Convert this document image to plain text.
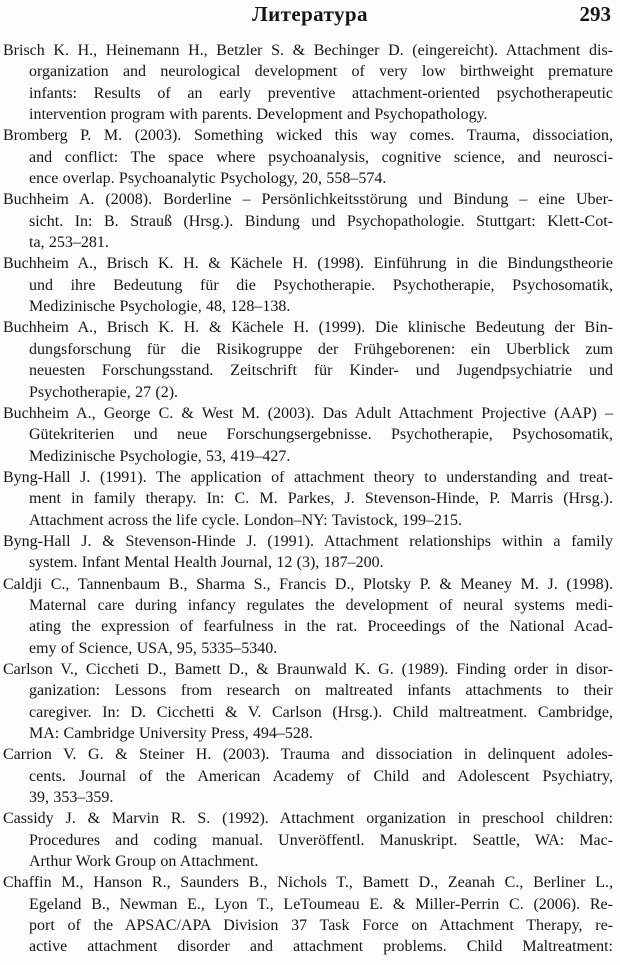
Литература	293
Brisch K. H., Heinemann H., Betzler S. & Bechinger D. (eingereicht). Attachment dis-
organization and neurological development of very low birthweight premature
infants: Results of an early preventive attachment-oriented psychotherapeutic
intervention program with parents. Development and Psychopathology.
Bromberg P. M. (2003). Something wicked this way comes. Trauma, dissociation,
and conflict: The space where psychoanalysis, cognitive science, and neurosci-
ence overlap. Psychoanalytic Psychology, 20, 558–574.
Buchheim A. (2008). Borderline – Persönlichkeitsstörung und Bindung – eine Uber-
sicht. In: B. Strauß (Hrsg.). Bindung und Psychopathologie. Stuttgart: Klett-Cot-
ta, 253–281.
Buchheim A., Brisch K. H. & Kächele H. (1998). Einführung in die Bindungstheorie
und ihre Bedeutung für die Psychotherapie. Psychotherapie, Psychosomatik,
Medizinische Psychologie, 48, 128–138.
Buchheim A., Brisch K. H. & Kächele H. (1999). Die klinische Bedeutung der Bin-
dungsforschung für die Risikogruppe der Frühgeborenen: ein Uberblick zum
neuesten Forschungsstand. Zeitschrift für Kinder- und Jugendpsychiatrie und
Psychotherapie, 27 (2).
Buchheim A., George C. & West M. (2003). Das Adult Attachment Projective (AAP) –
Gütekriterien und neue Forschungsergebnisse. Psychotherapie, Psychosomatik,
Medizinische Psychologie, 53, 419–427.
Byng-Hall J. (1991). The application of attachment theory to understanding and treat-
ment in family therapy. In: C. M. Parkes, J. Stevenson-Hinde, P. Marris (Hrsg.).
Attachment across the life cycle. London–NY: Tavistock, 199–215.
Byng-Hall J. & Stevenson-Hinde J. (1991). Attachment relationships within a family
system. Infant Mental Health Journal, 12 (3), 187–200.
Caldji C., Tannenbaum B., Sharma S., Francis D., Plotsky P. & Meaney M. J. (1998).
Maternal care during infancy regulates the development of neural systems medi-
ating the expression of fearfulness in the rat. Proceedings of the National Acad-
emy of Science, USA, 95, 5335–5340.
Carlson V., Ciccheti D., Bamett D., & Braunwald K. G. (1989). Finding order in disor-
ganization: Lessons from research on maltreated infants attachments to their
caregiver. In: D. Cicchetti & V. Carlson (Hrsg.). Child maltreatment. Cambridge,
MA: Cambridge University Press, 494–528.
Carrion V. G. & Steiner H. (2003). Trauma and dissociation in delinquent adoles-
cents. Journal of the American Academy of Child and Adolescent Psychiatry,
39, 353–359.
Cassidy J. & Marvin R. S. (1992). Attachment organization in preschool children:
Procedures and coding manual. Unveröffentl. Manuskript. Seattle, WA: Mac-
Arthur Work Group on Attachment.
Chaffin M., Hanson R., Saunders B., Nichols T., Bamett D., Zeanah C., Berliner L.,
Egeland B., Newman E., Lyon T., LeToumeau E. & Miller-Perrin C. (2006). Re-
port of the APSAC/APA Division 37 Task Force on Attachment Therapy, re-
active attachment disorder and attachment problems. Child Maltreatment:
